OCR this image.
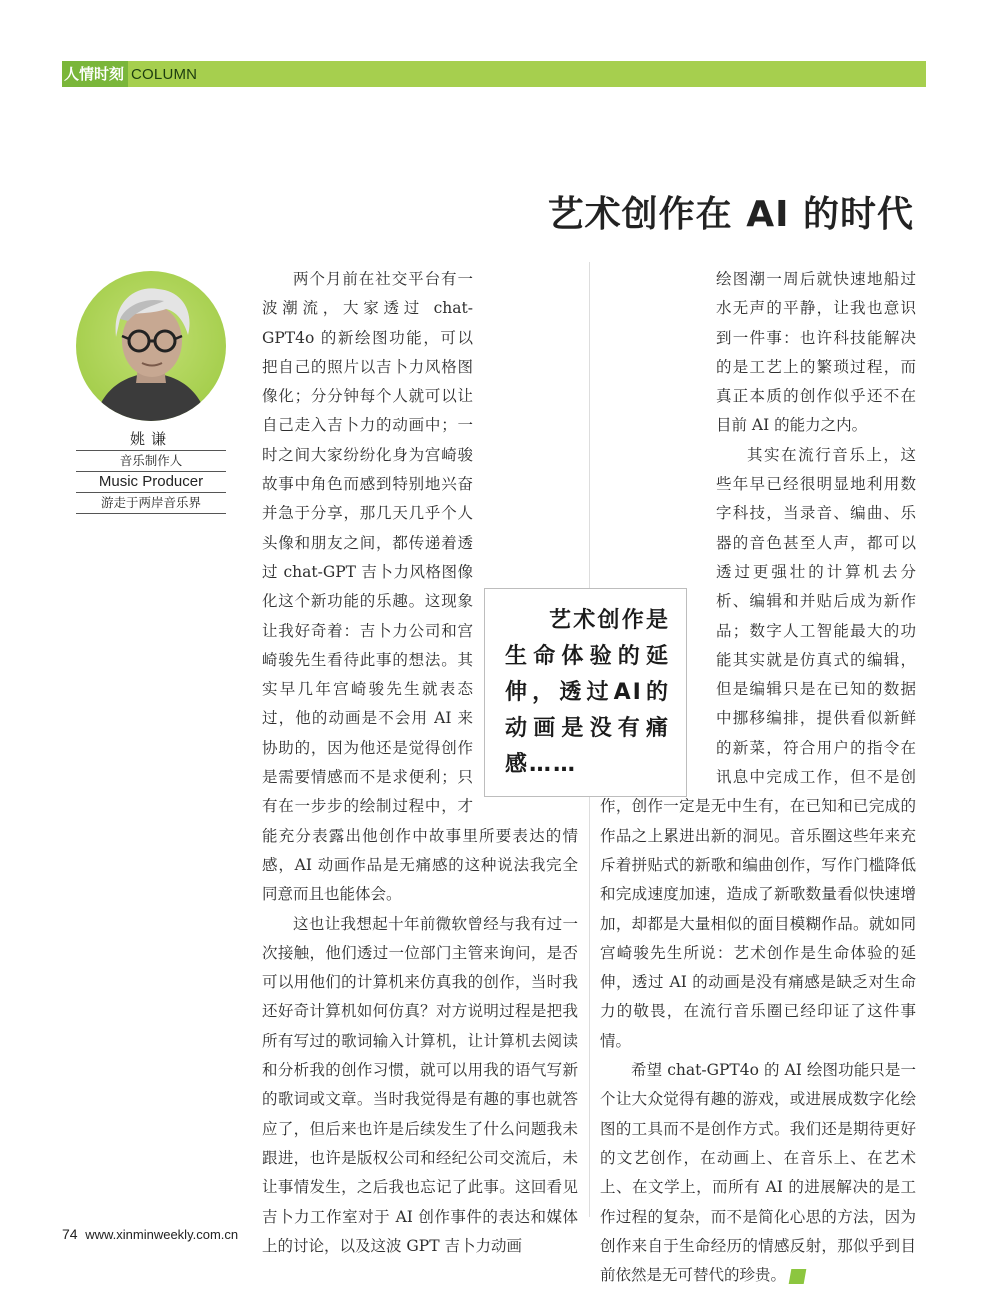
人情时刻 COLUMN
艺术创作在 AI 的时代
姚谦
音乐制作人
Music Producer
游走于两岸音乐界

两个月前在社交平台有一波潮流，大家透过 chat-GPT4o 的新绘图功能，可以把自己的照片以吉卜力风格图像化；分分钟每个人就可以让自己走入吉卜力的动画中；一时之间大家纷纷化身为宫崎骏故事中角色而感到特别地兴奋并急于分享，那几天几乎个人头像和朋友之间，都传递着透过 chat-GPT 吉卜力风格图像化这个新功能的乐趣。这现象让我好奇着：吉卜力公司和宫崎骏先生看待此事的想法。其实早几年宫崎骏先生就表态过，他的动画是不会用 AI 来协助的，因为他还是觉得创作是需要情感而不是求便利；只有在一步步的绘制过程中，才能充分表露出他创作中故事里所要表达的情感，AI 动画作品是无痛感的这种说法我完全同意而且也能体会。

这也让我想起十年前微软曾经与我有过一次接触，他们透过一位部门主管来询问，是否可以用他们的计算机来仿真我的创作，当时我还好奇计算机如何仿真？对方说明过程是把我所有写过的歌词输入计算机，让计算机去阅读和分析我的创作习惯，就可以用我的语气写新的歌词或文章。当时我觉得是有趣的事也就答应了，但后来也许是后续发生了什么问题我未跟进，也许是版权公司和经纪公司交流后，未让事情发生，之后我也忘记了此事。这回看见吉卜力工作室对于 AI 创作事件的表达和媒体上的讨论，以及这波 GPT 吉卜力动画

绘图潮一周后就快速地船过水无声的平静，让我也意识到一件事：也许科技能解决的是工艺上的繁琐过程，而真正本质的创作似乎还不在目前 AI 的能力之内。

其实在流行音乐上，这些年早已经很明显地利用数字科技，当录音、编曲、乐器的音色甚至人声，都可以透过更强壮的计算机去分析、编辑和并贴后成为新作品；数字人工智能最大的功能其实就是仿真式的编辑，但是编辑只是在已知的数据中挪移编排，提供看似新鲜的新菜，符合用户的指令在讯息中完成工作，但不是创作，创作一定是无中生有，在已知和已完成的作品之上累进出新的洞见。音乐圈这些年来充斥着拼贴式的新歌和编曲创作，写作门槛降低和完成速度加速，造成了新歌数量看似快速增加，却都是大量相似的面目模糊作品。就如同宫崎骏先生所说：艺术创作是生命体验的延伸，透过 AI 的动画是没有痛感是缺乏对生命力的敬畏，在流行音乐圈已经印证了这件事情。

希望 chat-GPT4o 的 AI 绘图功能只是一个让大众觉得有趣的游戏，或进展成数字化绘图的工具而不是创作方式。我们还是期待更好的文艺创作，在动画上、在音乐上、在艺术上、在文学上，而所有 AI 的进展解决的是工作过程的复杂，而不是简化心思的方法，因为创作来自于生命经历的情感反射，那似乎到目前依然是无可替代的珍贵。	民

艺术创作是生命体验的延伸，透过AI的动画是没有痛感……
74 www.xinminweekly.com.cn
